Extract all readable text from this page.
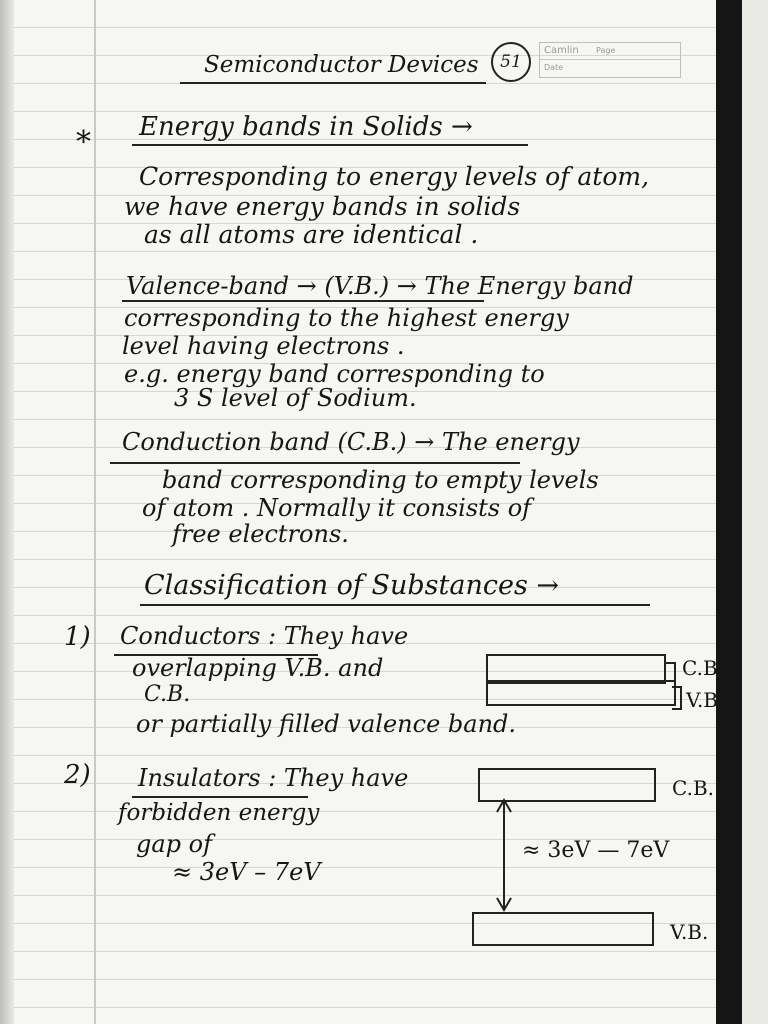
51
Camlin Page
Date
Semiconductor Devices
* Energy bands in Solids →
Corresponding to energy levels of atom,
we have energy bands in solids
as all atoms are identical .
Valence-band → (V.B.) → The Energy band
corresponding to the highest energy
level having electrons .
e.g. energy band corresponding to
3 S level of Sodium.
Conduction band (C.B.) → The energy
band corresponding to empty levels
of atom . Normally it consists of
free electrons.
Classification of Substances →
1) Conductors : They have
overlapping V.B. and
C.B.
or partially filled valence band.
C.B
V.B.
2) Insulators : They have
forbidden energy
gap of
≈ 3eV – 7eV
C.B.
V.B.
≈ 3eV — 7eV
